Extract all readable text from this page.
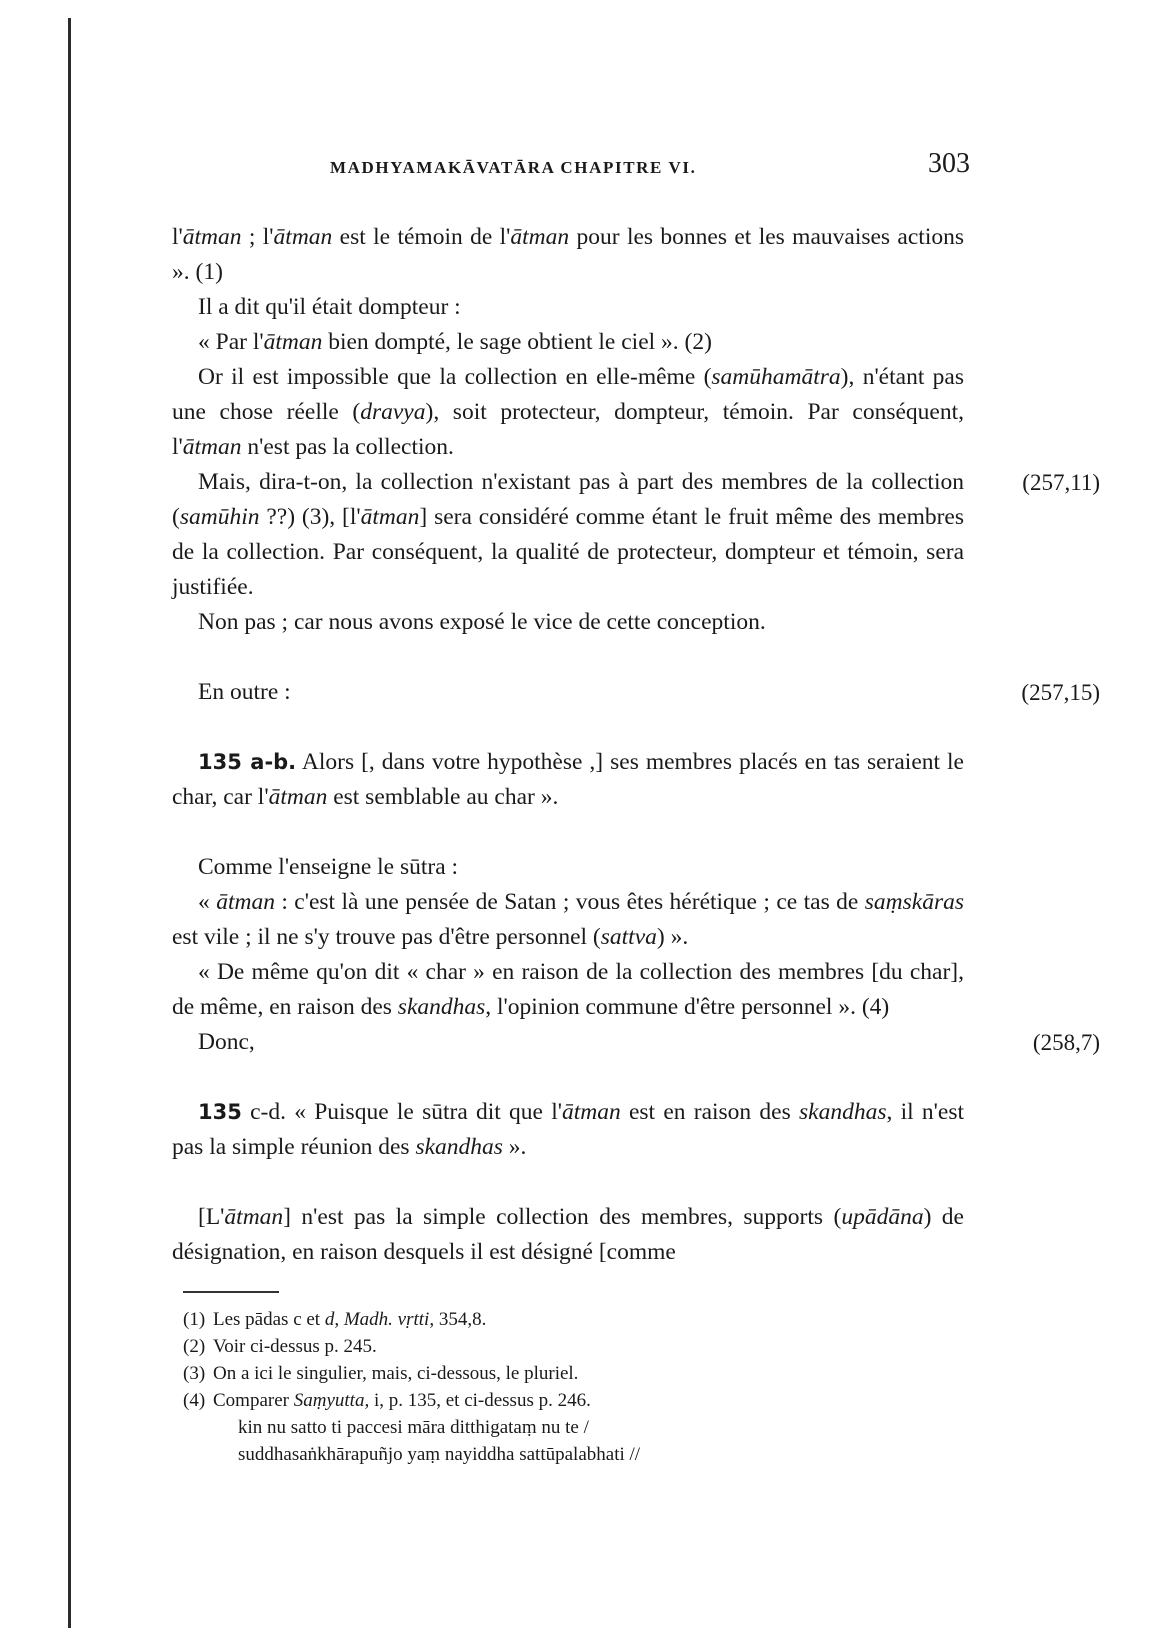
MADHYAMAKĀVATĀRA CHAPITRE VI.	303

l'ātman ; l'ātman est le témoin de l'ātman pour les bonnes et les mauvaises actions ». (1)

Il a dit qu'il était dompteur :

« Par l'ātman bien dompté, le sage obtient le ciel ». (2)

Or il est impossible que la collection en elle-même (samūhamātra), n'étant pas une chose réelle (dravya), soit protecteur, dompteur, témoin. Par conséquent, l'ātman n'est pas la collection.

(257,11)
Mais, dira-t-on, la collection n'existant pas à part des membres de la collection (samūhin ??) (3), [l'ātman] sera considéré comme étant le fruit même des membres de la collection. Par conséquent, la qualité de protecteur, dompteur et témoin, sera justifiée.

Non pas ; car nous avons exposé le vice de cette conception.

(257,15)
En outre :

135 a-b. Alors [, dans votre hypothèse ,] ses membres placés en tas seraient le char, car l'ātman est semblable au char ».

Comme l'enseigne le sūtra :

« ātman : c'est là une pensée de Satan ; vous êtes hérétique ; ce tas de saṃskāras est vile ; il ne s'y trouve pas d'être personnel (sattva) ».

« De même qu'on dit « char » en raison de la collection des membres [du char], de même, en raison des skandhas, l'opinion commune d'être personnel ». (4)

(258,7)
Donc,

135 c-d. « Puisque le sūtra dit que l'ātman est en raison des skandhas, il n'est pas la simple réunion des skandhas ».

[L'ātman] n'est pas la simple collection des membres, supports (upādāna) de désignation, en raison desquels il est désigné [comme

(1) Les pādas c et d, Madh. vṛtti, 354,8.

(2) Voir ci-dessus p. 245.

(3) On a ici le singulier, mais, ci-dessous, le pluriel.

(4) Comparer Saṃyutta, i, p. 135, et ci-dessus p. 246.

kin nu satto ti paccesi māra ditthigataṃ nu te /

suddhasaṅkhārapuñjo yaṃ nayiddha sattūpalabhati //
